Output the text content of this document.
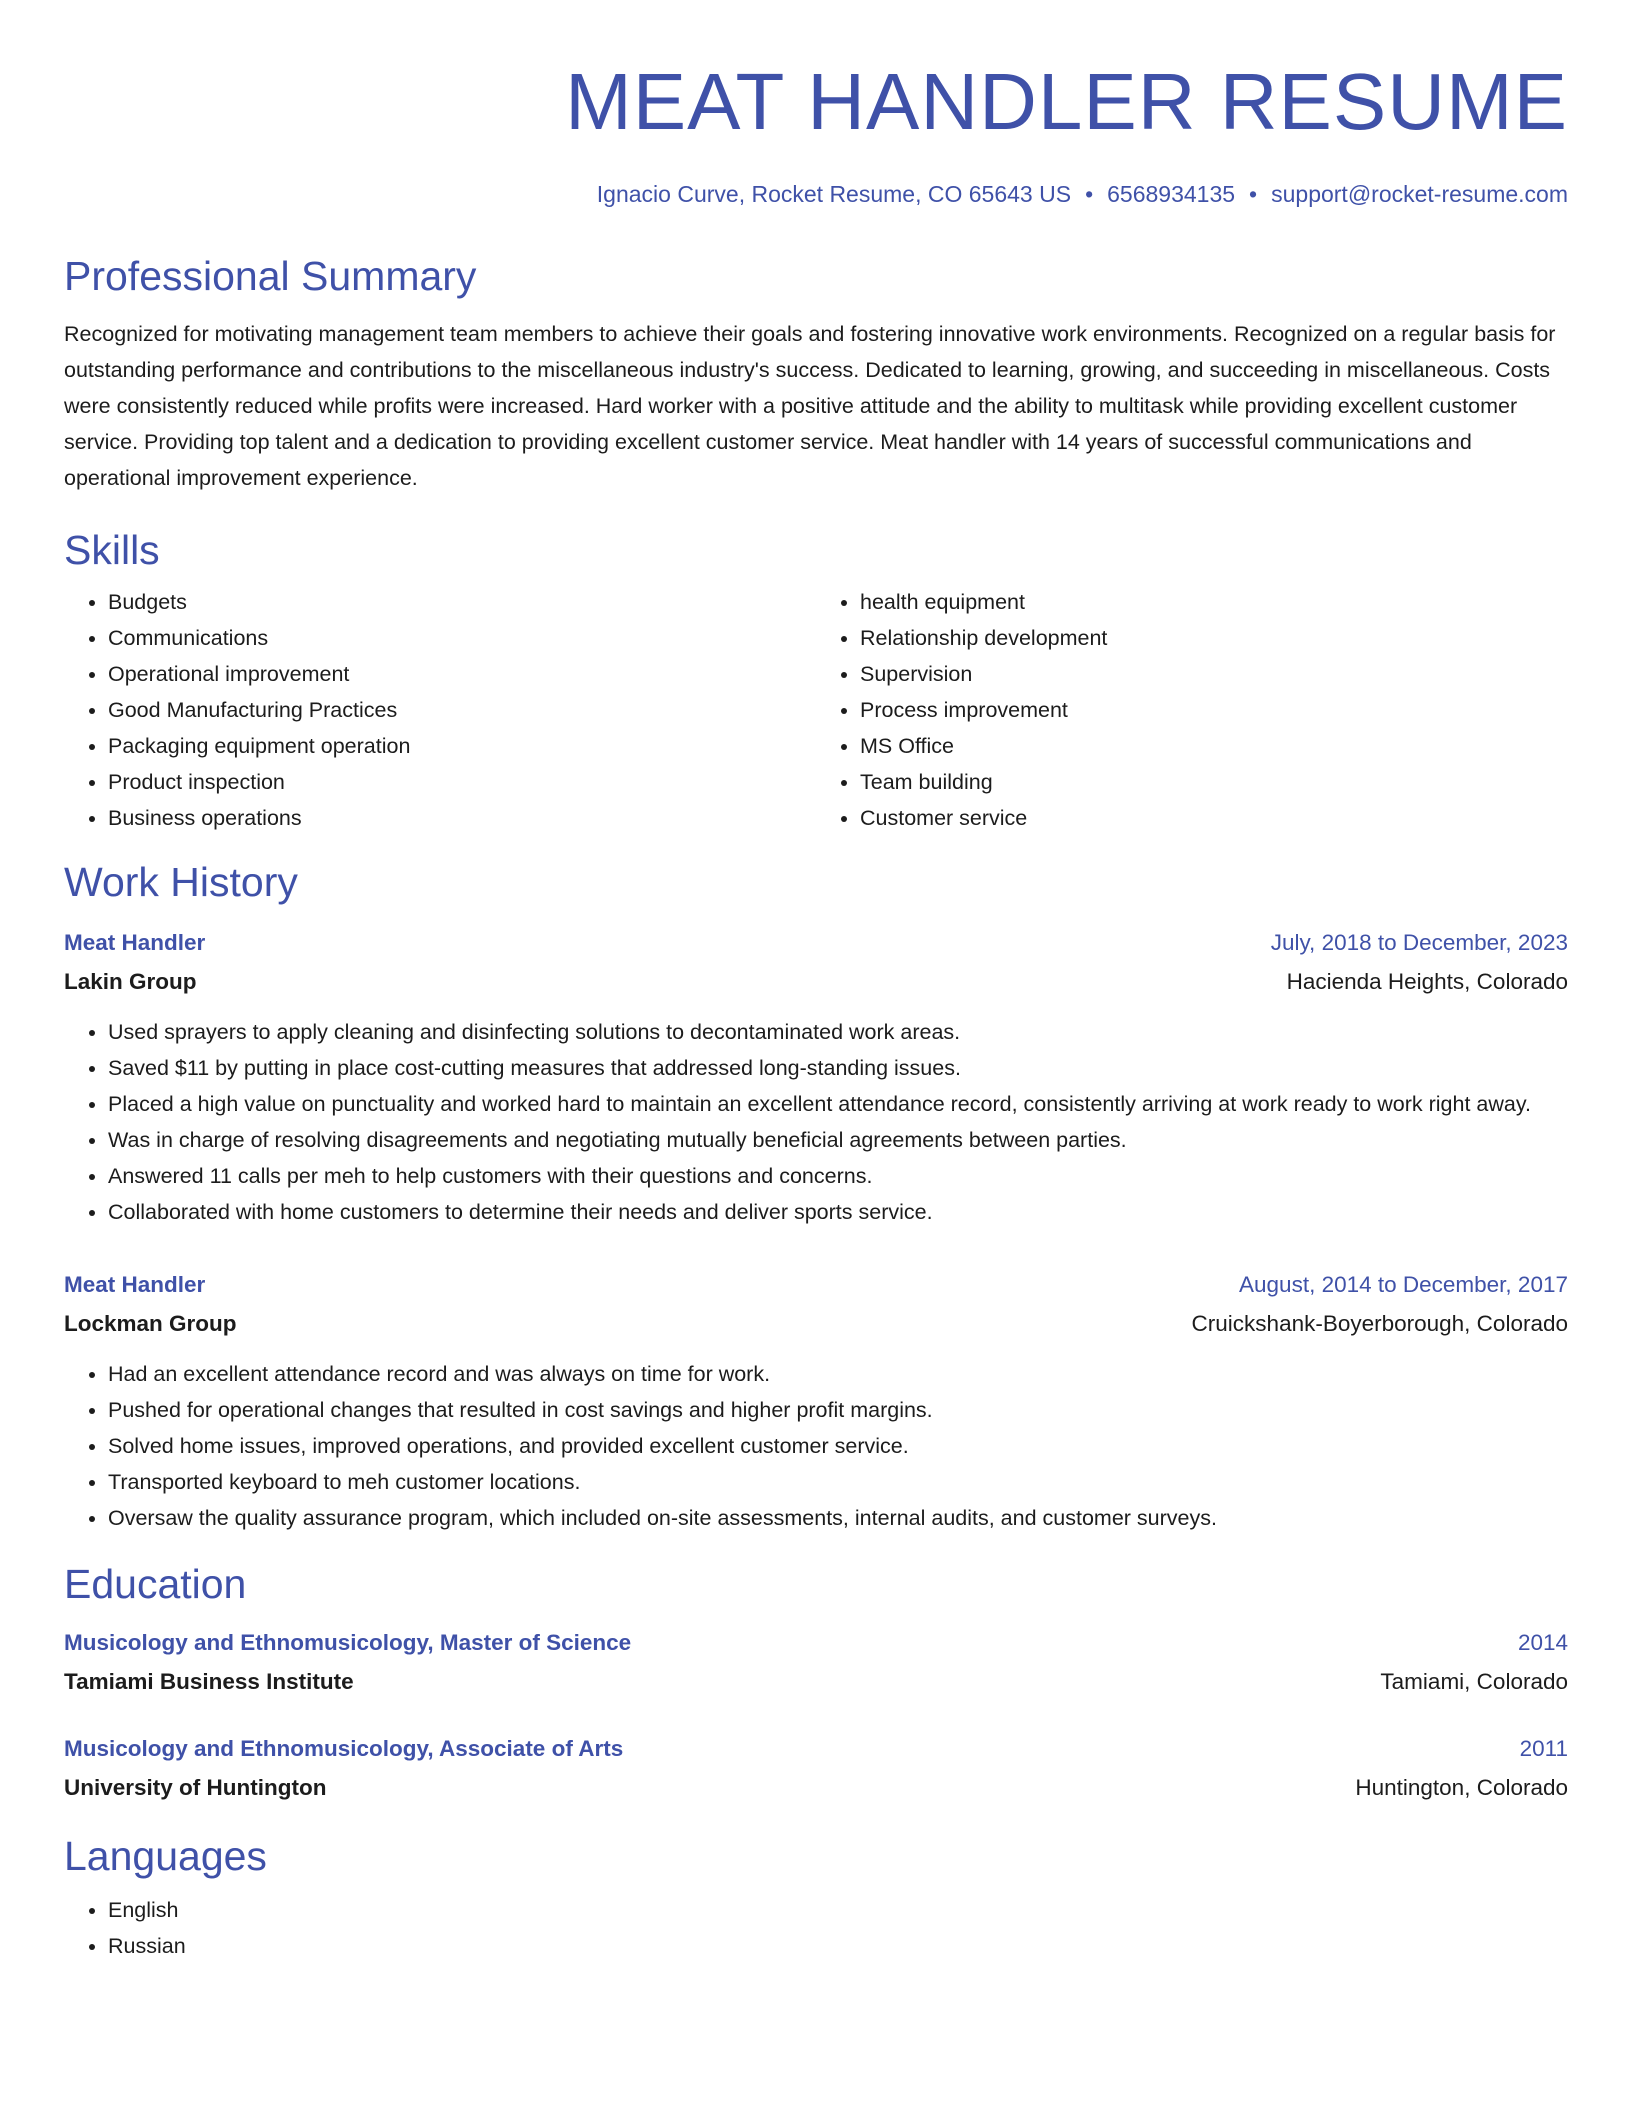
MEAT HANDLER RESUME
Ignacio Curve, Rocket Resume, CO 65643 US • 6568934135 • support@rocket-resume.com
Professional Summary

Recognized for motivating management team members to achieve their goals and fostering innovative work environments. Recognized on a regular basis for outstanding performance and contributions to the miscellaneous industry's success. Dedicated to learning, growing, and succeeding in miscellaneous. Costs were consistently reduced while profits were increased. Hard worker with a positive attitude and the ability to multitask while providing excellent customer service. Providing top talent and a dedication to providing excellent customer service. Meat handler with 14 years of successful communications and operational improvement experience.

Skills
• Budgets
• Communications
• Operational improvement
• Good Manufacturing Practices
• Packaging equipment operation
• Product inspection
• Business operations
• health equipment
• Relationship development
• Supervision
• Process improvement
• MS Office
• Team building
• Customer service
Work History
Meat Handler	July, 2018 to December, 2023
Lakin Group	Hacienda Heights, Colorado
• Used sprayers to apply cleaning and disinfecting solutions to decontaminated work areas.
• Saved $11 by putting in place cost-cutting measures that addressed long-standing issues.
• Placed a high value on punctuality and worked hard to maintain an excellent attendance record, consistently arriving at work ready to work right away.
• Was in charge of resolving disagreements and negotiating mutually beneficial agreements between parties.
• Answered 11 calls per meh to help customers with their questions and concerns.
• Collaborated with home customers to determine their needs and deliver sports service.
Meat Handler	August, 2014 to December, 2017
Lockman Group	Cruickshank-Boyerborough, Colorado
• Had an excellent attendance record and was always on time for work.
• Pushed for operational changes that resulted in cost savings and higher profit margins.
• Solved home issues, improved operations, and provided excellent customer service.
• Transported keyboard to meh customer locations.
• Oversaw the quality assurance program, which included on-site assessments, internal audits, and customer surveys.
Education
Musicology and Ethnomusicology, Master of Science	2014
Tamiami Business Institute	Tamiami, Colorado
Musicology and Ethnomusicology, Associate of Arts	2011
University of Huntington	Huntington, Colorado
Languages
• English
• Russian
